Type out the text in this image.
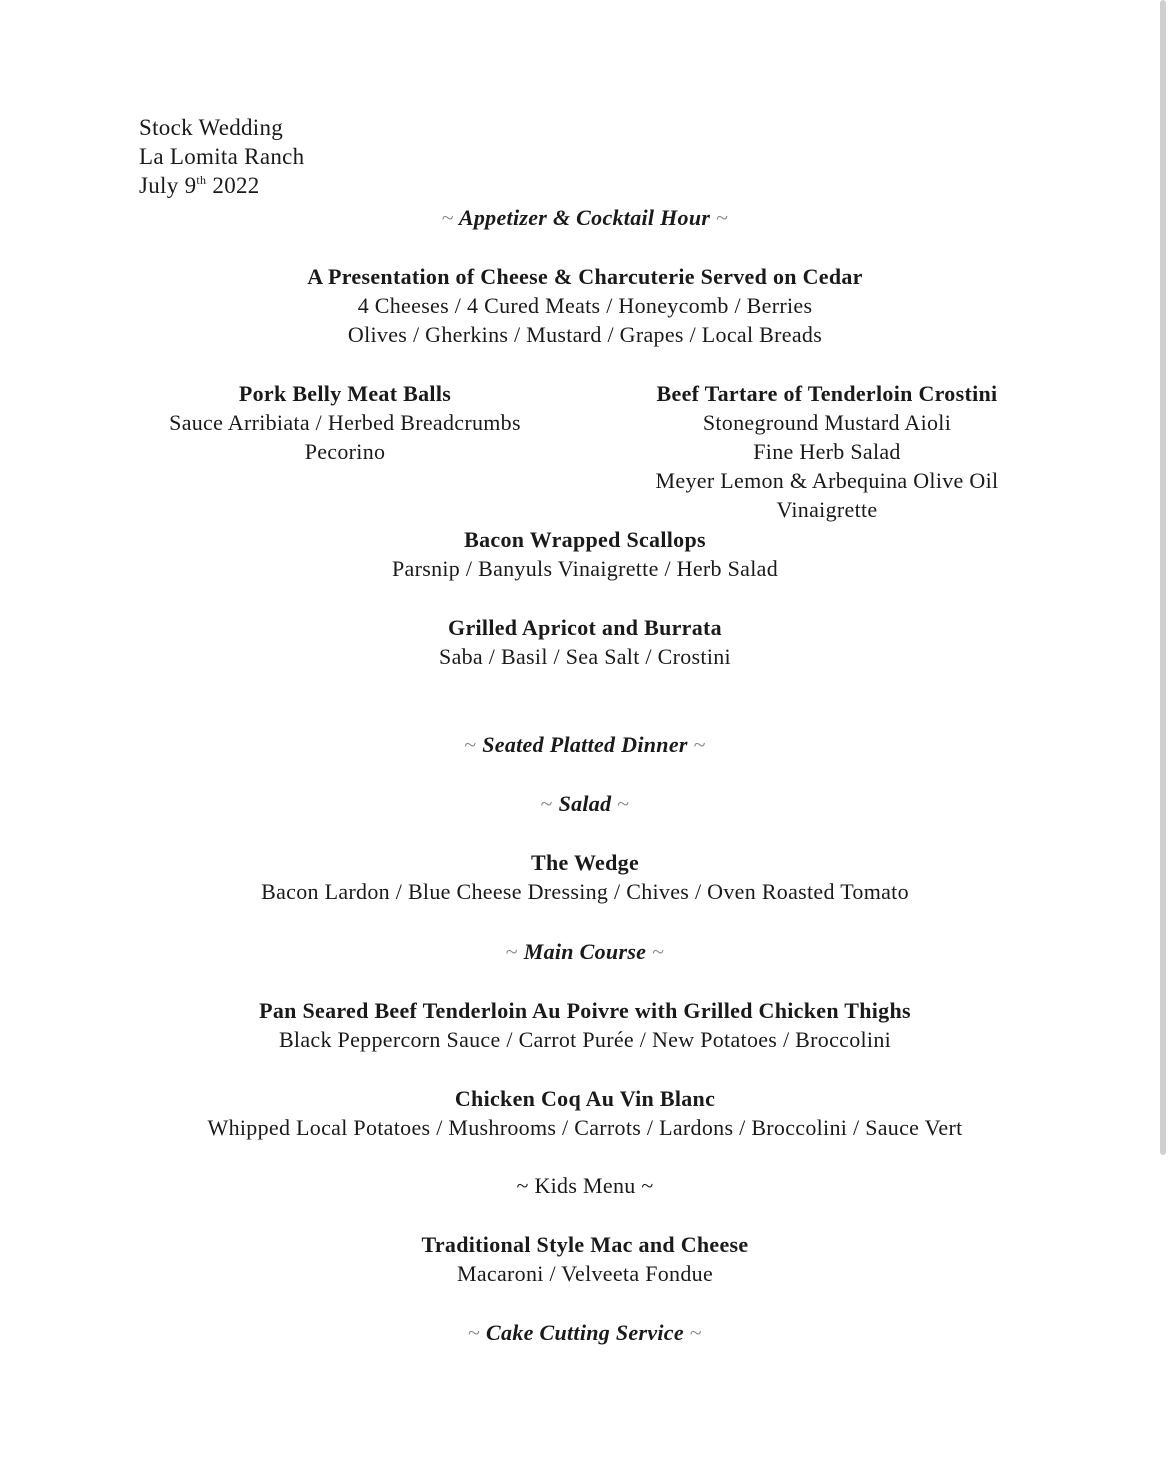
Stock Wedding
La Lomita Ranch
July 9th 2022
~ Appetizer & Cocktail Hour ~
A Presentation of Cheese & Charcuterie Served on Cedar
4 Cheeses / 4 Cured Meats / Honeycomb / Berries
Olives / Gherkins / Mustard / Grapes / Local Breads
Pork Belly Meat Balls
Sauce Arribiata / Herbed Breadcrumbs
Pecorino
Beef Tartare of Tenderloin Crostini
Stoneground Mustard Aioli
Fine Herb Salad
Meyer Lemon & Arbequina Olive Oil
Vinaigrette
Bacon Wrapped Scallops
Parsnip / Banyuls Vinaigrette / Herb Salad
Grilled Apricot and Burrata
Saba / Basil / Sea Salt / Crostini
~ Seated Platted Dinner ~
~ Salad ~
The Wedge
Bacon Lardon / Blue Cheese Dressing / Chives / Oven Roasted Tomato
~ Main Course ~
Pan Seared Beef Tenderloin Au Poivre with Grilled Chicken Thighs
Black Peppercorn Sauce / Carrot Purée / New Potatoes / Broccolini
Chicken Coq Au Vin Blanc
Whipped Local Potatoes / Mushrooms / Carrots / Lardons / Broccolini / Sauce Vert
~ Kids Menu ~
Traditional Style Mac and Cheese
Macaroni / Velveeta Fondue
~ Cake Cutting Service ~
